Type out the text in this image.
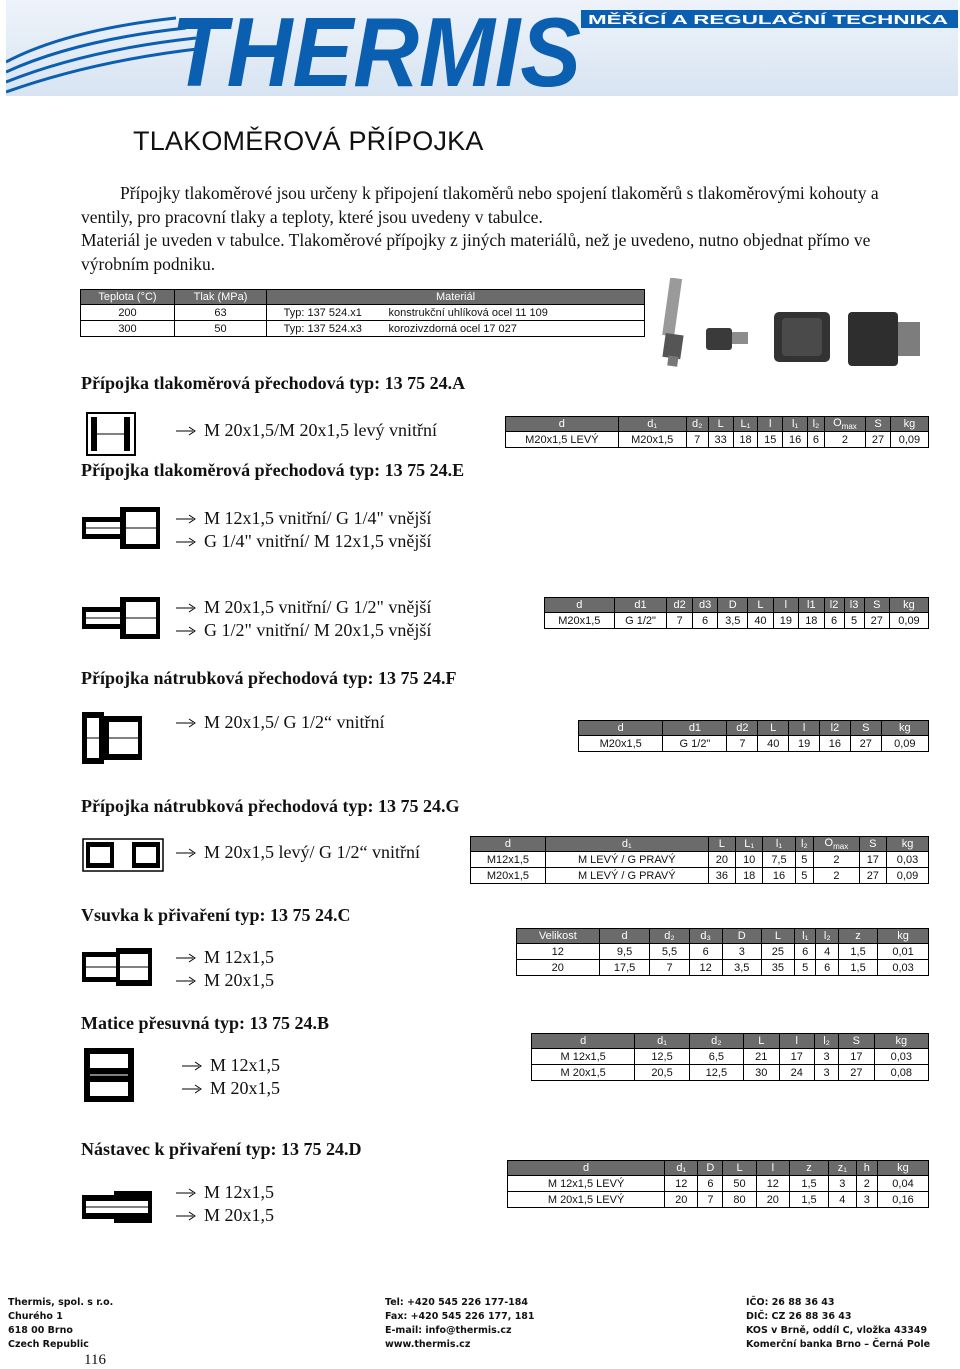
THERMIS MĚŘÍCÍ A REGULAČNÍ TECHNIKA
TLAKOMĚROVÁ PŘÍPOJKA

Přípojky tlakoměrové jsou určeny k připojení tlakoměrů nebo spojení tlakoměrů s tlakoměrovými kohouty a ventily, pro pracovní tlaky a teploty, které jsou uvedeny v tabulce.

Materiál je uveden v tabulce. Tlakoměrové přípojky z jiných materiálů, než je uvedeno, nutno objednat přímo ve výrobním podniku.

Teplota (°C)	Tlak (MPa)	Materiál	
200	63	Typ: 137 524.x1	konstrukční uhlíková ocel 11 109
300	50	Typ: 137 524.x3	korozivzdorná ocel 17 027
Přípojka tlakoměrová přechodová typ: 13 75 24.A
M 20x1,5/M 20x1,5 levý vnitřní	d	d₁	d₂	L	L₁	l	l₁	l₂	$O_{max}$	S	kg
M20x1,5 LEVÝ	M20x1,5	7	33	18	15	16	6	2	27	0,09
Přípojka tlakoměrová přechodová typ: 13 75 24.E
M 12x1,5 vnitřní/ G 1/4" vnější
G 1/4" vnitřní/ M 12x1,5 vnější
M 20x1,5 vnitřní/ G 1/2" vnější
G 1/2" vnitřní/ M 20x1,5 vnější
d	d1	d2	d3	D	L	l	l1	l2	l3	S	kg
M20x1,5	G 1/2"	7	6	3,5	40	19	18	6	5	27	0,09
Přípojka nátrubková přechodová typ: 13 75 24.F
M 20x1,5/ G 1/2“ vnitřní	d	d1	d2	L	l	l2	S	kg
M20x1,5	G 1/2"	7	40	19	16	27	0,09
Přípojka nátrubková přechodová typ: 13 75 24.G
M 20x1,5 levý/ G 1/2“ vnitřní	d	d₁	L	L₁	l₁	l₂	$O_{max}$	S	kg
M12x1,5	M LEVÝ / G PRAVÝ	20	10	7,5	5	2	17	0,03
M20x1,5	M LEVÝ / G PRAVÝ	36	18	16	5	2	27	0,09
Vsuvka k přivaření typ: 13 75 24.C
M 12x1,5
M 20x1,5
Velikost	d	d₂	d₃	D	L	l₁	l₂	z	kg
12	9,5	5,5	6	3	25	6	4	1,5	0,01
20	17,5	7	12	3,5	35	5	6	1,5	0,03
Matice přesuvná typ: 13 75 24.B
M 12x1,5
M 20x1,5
d	d₁	d₂	L	l	l₂	S	kg
M 12x1,5	12,5	6,5	21	17	3	17	0,03
M 20x1,5	20,5	12,5	30	24	3	27	0,08
Nástavec k přivaření typ: 13 75 24.D
M 12x1,5
M 20x1,5
d	d₁	D	L	l	z	z₁	h	kg
M 12x1,5 LEVÝ	12	6	50	12	1,5	3	2	0,04
M 20x1,5 LEVÝ	20	7	80	20	1,5	4	3	0,16
Thermis, spol. s r.o.
Churého 1
618 00 Brno
Czech Republic
Tel: +420 545 226 177-184
Fax: +420 545 226 177, 181
E-mail: info@thermis.cz
www.thermis.cz
IČO: 26 88 36 43
DIČ: CZ 26 88 36 43
KOS v Brně, oddíl C, vložka 43349
Komerční banka Brno – Černá Pole
116
